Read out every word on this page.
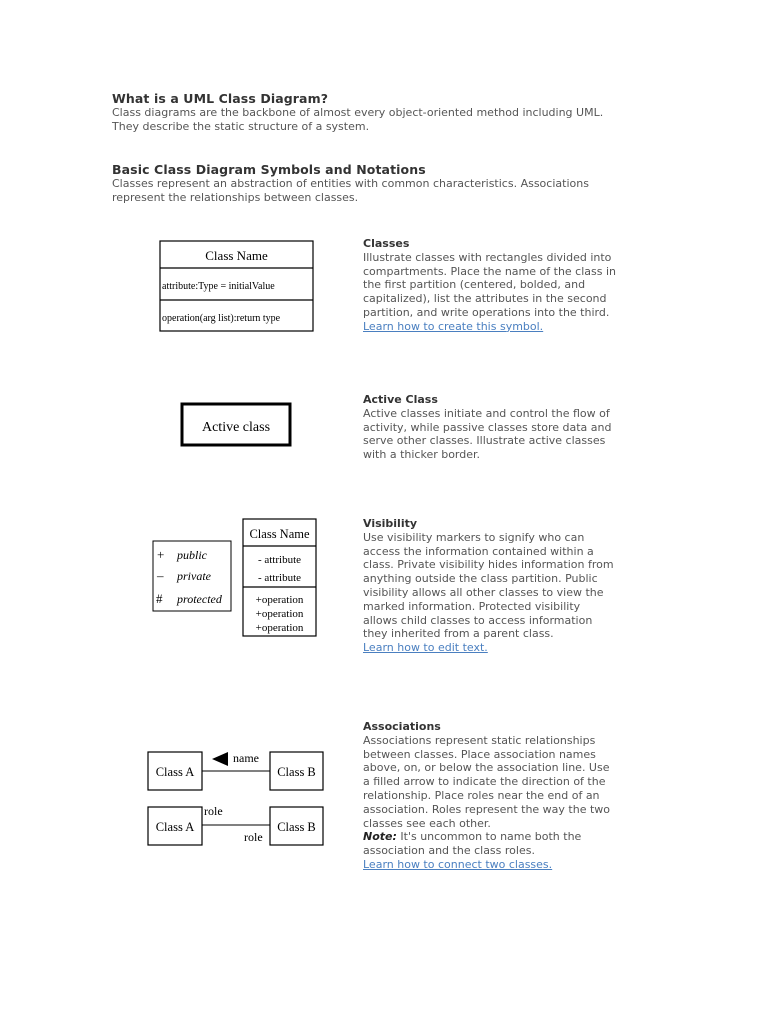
What is a UML Class Diagram?

Class diagrams are the backbone of almost every object-oriented method including UML.

They describe the static structure of a system.

Basic Class Diagram Symbols and Notations

Classes represent an abstraction of entities with common characteristics. Associations

represent the relationships between classes.

Class Name
attribute:Type = initialValue
operation(arg list):return type
Classes
Illustrate classes with rectangles divided into
compartments. Place the name of the class in
the first partition (centered, bolded, and
capitalized), list the attributes in the second
partition, and write operations into the third.
Learn how to create this symbol.
Active class
Active Class
Active classes initiate and control the flow of
activity, while passive classes store data and
serve other classes. Illustrate active classes
with a thicker border.
+ public
– private
# protected
Class Name
- attribute
- attribute
+operation
+operation
+operation
Visibility
Use visibility markers to signify who can
access the information contained within a
class. Private visibility hides information from
anything outside the class partition. Public
visibility allows all other classes to view the
marked information. Protected visibility
allows child classes to access information
they inherited from a parent class.
Learn how to edit text.
Class A	Class B
name
Class A	Class B
role
role
Associations
Associations represent static relationships
between classes. Place association names
above, on, or below the association line. Use
a filled arrow to indicate the direction of the
relationship. Place roles near the end of an
association. Roles represent the way the two
classes see each other.
Note: It's uncommon to name both the
association and the class roles.
Learn how to connect two classes.
